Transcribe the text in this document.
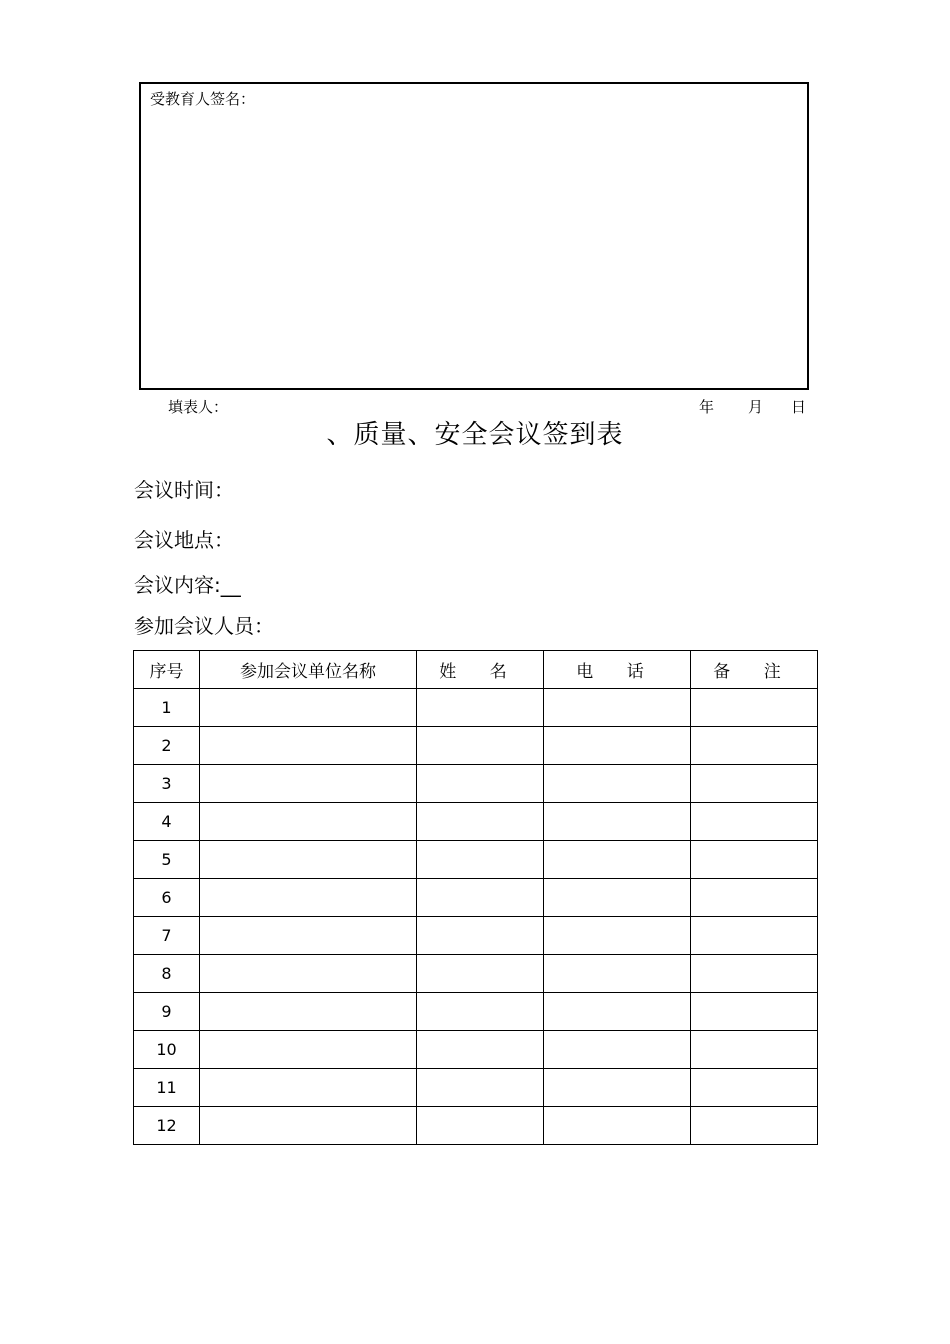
受教育人签名：
填表人：	年 月 日
、质量、安全会议签到表
会议时间：
会议地点：
会议内容:__
参加会议人员：
序号	参加会议单位名称	姓 名	电 话	备 注
1				
2				
3				
4				
5				
6				
7				
8				
9				
10				
11				
12				
